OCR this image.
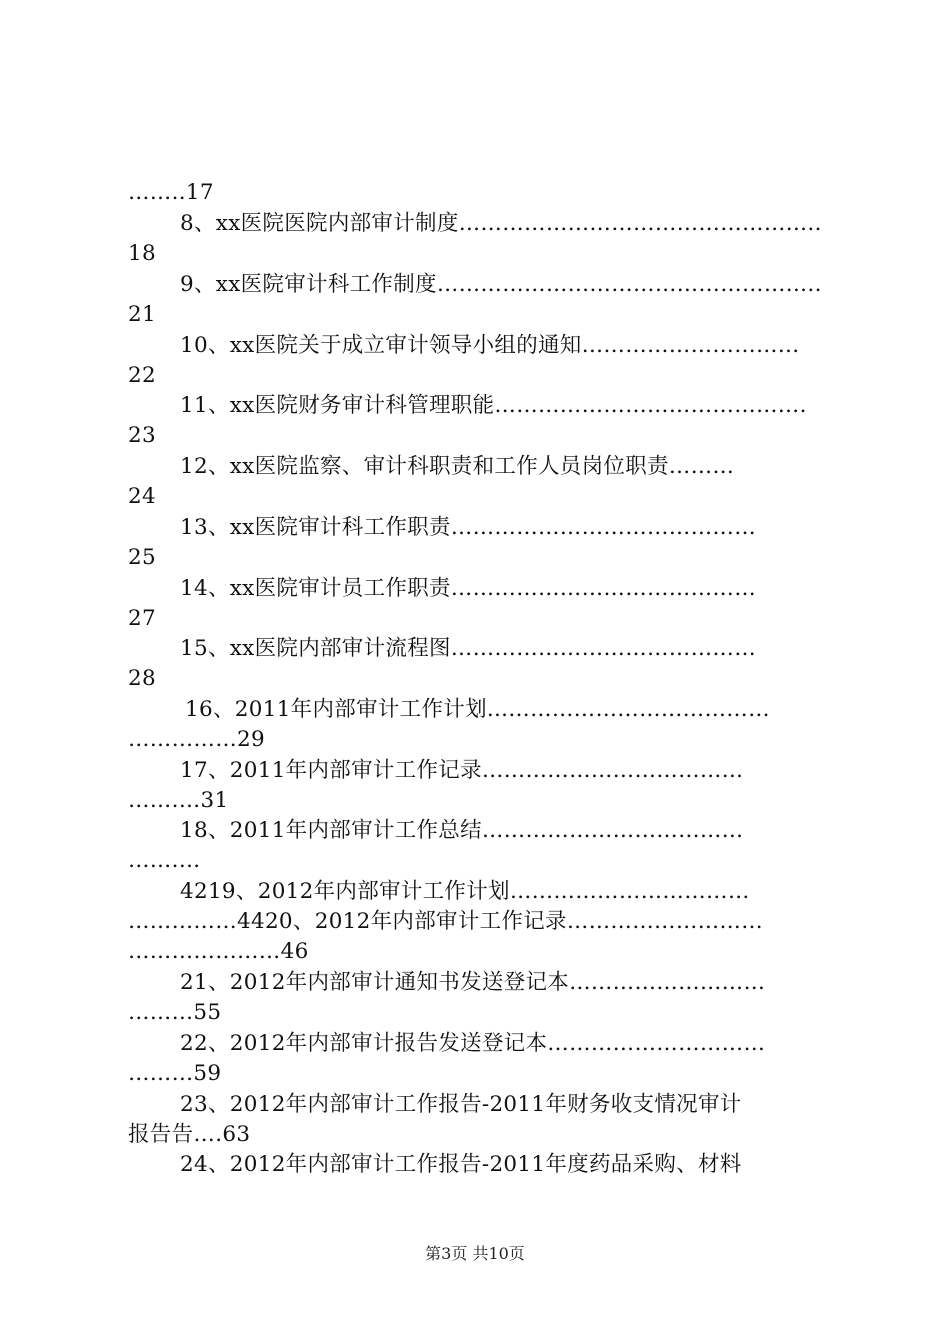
……..17
8、xx医院医院内部审计制度…………………………………………..
18
9、xx医院审计科工作制度……………………………………………..
21
10、xx医院关于成立审计领导小组的通知…………………………
22
11、xx医院财务审计科管理职能…………………………………….
23
12、xx医院监察、审计科职责和工作人员岗位职责………
24
13、xx医院审计科工作职责……………………………………
25
14、xx医院审计员工作职责……………………………………
27
15、xx医院内部审计流程图……………………………………
28
16、2011年内部审计工作计划...………………………………
……………29
17、2011年内部审计工作记录………………………………
…….…31
18、2011年内部审计工作总结………………………………
…….…
4219、2012年内部审计工作计划……………………………
……………4420、2012年内部审计工作记录………………………
…………………46
21、2012年内部审计通知书发送登记本………………………
………55
22、2012年内部审计报告发送登记本…………………………
………59
23、2012年内部审计工作报告-2011年财务收支情况审计
报告告….63
24、2012年内部审计工作报告-2011年度药品采购、材料
第3页 共10页
